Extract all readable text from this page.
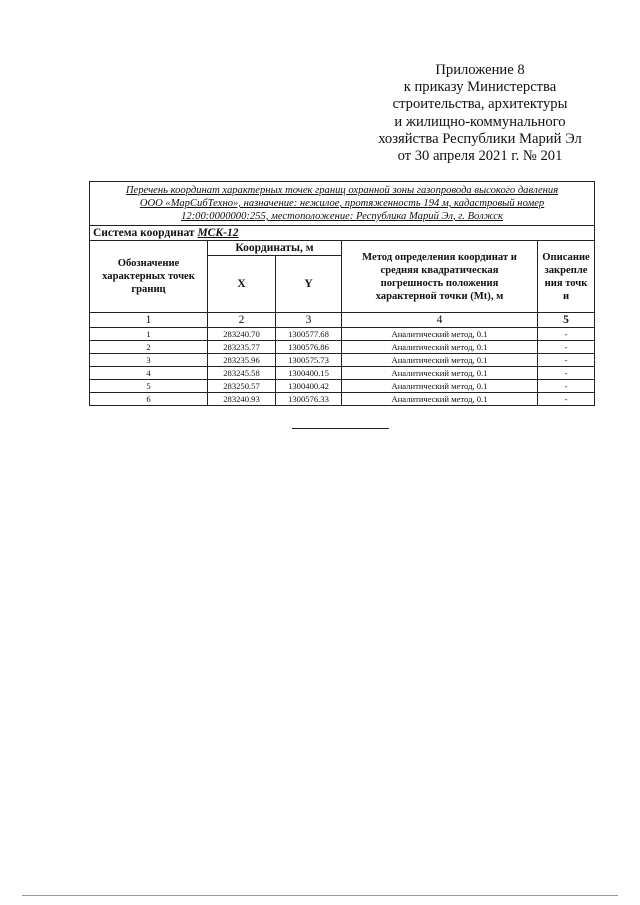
Приложение 8
к приказу Министерства
строительства, архитектуры
и жилищно-коммунального
хозяйства Республики Марий Эл
от 30 апреля 2021 г. № 201
Перечень координат характерных точек границ охранной зоны газопровода высокого давления
ООО «МарСибТехно», назначение: нежилое, протяженность 194 м, кадастровый номер
12:00:0000000:255, местоположение: Республика Марий Эл, г. Волжск				

Система координат МСК-12				
Обозначение характерных точек границ	Координаты, м		Метод определения координат и средняя квадратическая погрешность положения характерной точки (Mt), м	Описание закрепления точки
	X	Y		
1	2	3	4	5
1	283240.70	1300577.68	Аналитический метод, 0.1	-
2	283235.77	1300576.86	Аналитический метод, 0.1	-
3	283235.96	1300575.73	Аналитический метод, 0.1	-
4	283245.58	1300400.15	Аналитический метод, 0.1	-
5	283250.57	1300400.42	Аналитический метод, 0.1	-
6	283240.93	1300576.33	Аналитический метод, 0.1	-
